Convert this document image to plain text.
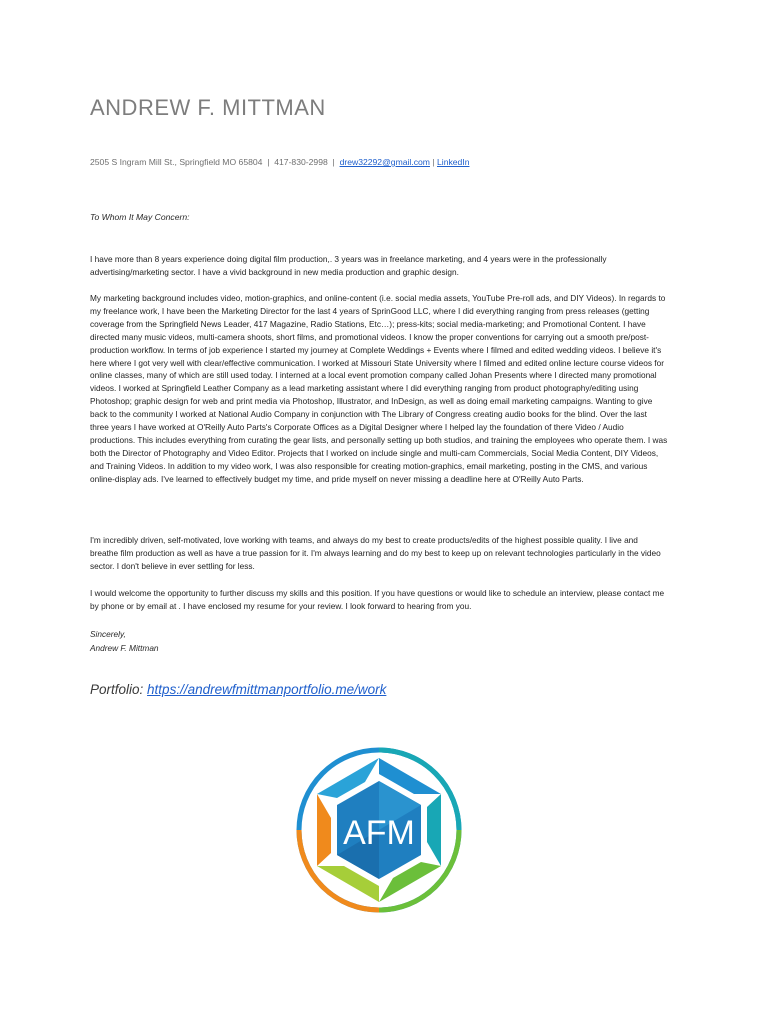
ANDREW F. MITTMAN
2505 S Ingram Mill St., Springfield MO 65804 | 417-830-2998 | drew32292@gmail.com | LinkedIn
To Whom It May Concern:
I have more than 8 years experience doing digital film production,. 3 years was in freelance marketing, and 4 years were in the professionally advertising/marketing sector. I have a vivid background in new media production and graphic design.
My marketing background includes video, motion-graphics, and online-content (i.e. social media assets, YouTube Pre-roll ads, and DIY Videos). In regards to my freelance work, I have been the Marketing Director for the last 4 years of SprinGood LLC, where I did everything ranging from press releases (getting coverage from the Springfield News Leader, 417 Magazine, Radio Stations, Etc…); press-kits; social media-marketing; and Promotional Content. I have directed many music videos, multi-camera shoots, short films, and promotional videos. I know the proper conventions for carrying out a smooth pre/post-production workflow. In terms of job experience I started my journey at Complete Weddings + Events where I filmed and edited wedding videos. I believe it's here where I got very well with clear/effective communication. I worked at Missouri State University where I filmed and edited online lecture course videos for online classes, many of which are still used today. I interned at a local event promotion company called Johan Presents where I directed many promotional videos. I worked at Springfield Leather Company as a lead marketing assistant where I did everything ranging from product photography/editing using Photoshop; graphic design for web and print media via Photoshop, Illustrator, and InDesign, as well as doing email marketing campaigns. Wanting to give back to the community I worked at National Audio Company in conjunction with The Library of Congress creating audio books for the blind. Over the last three years I have worked at O'Reilly Auto Parts's Corporate Offices as a Digital Designer where I helped lay the foundation of there Video / Audio productions. This includes everything from curating the gear lists, and personally setting up both studios, and training the employees who operate them. I was both the Director of Photography and Video Editor. Projects that I worked on include single and multi-cam Commercials, Social Media Content, DIY Videos, and Training Videos. In addition to my video work, I was also responsible for creating motion-graphics, email marketing, posting in the CMS, and various online-display ads. I've learned to effectively budget my time, and pride myself on never missing a deadline here at O'Reilly Auto Parts.
I'm incredibly driven, self-motivated, love working with teams, and always do my best to create products/edits of the highest possible quality. I live and breathe film production as well as have a true passion for it. I'm always learning and do my best to keep up on relevant technologies particularly in the video sector. I don't believe in ever settling for less.
I would welcome the opportunity to further discuss my skills and this position. If you have questions or would like to schedule an interview, please contact me by phone or by email at . I have enclosed my resume for your review. I look forward to hearing from you.
Sincerely,
Andrew F. Mittman
Portfolio: https://andrewfmittmanportfolio.me/work
AFM
